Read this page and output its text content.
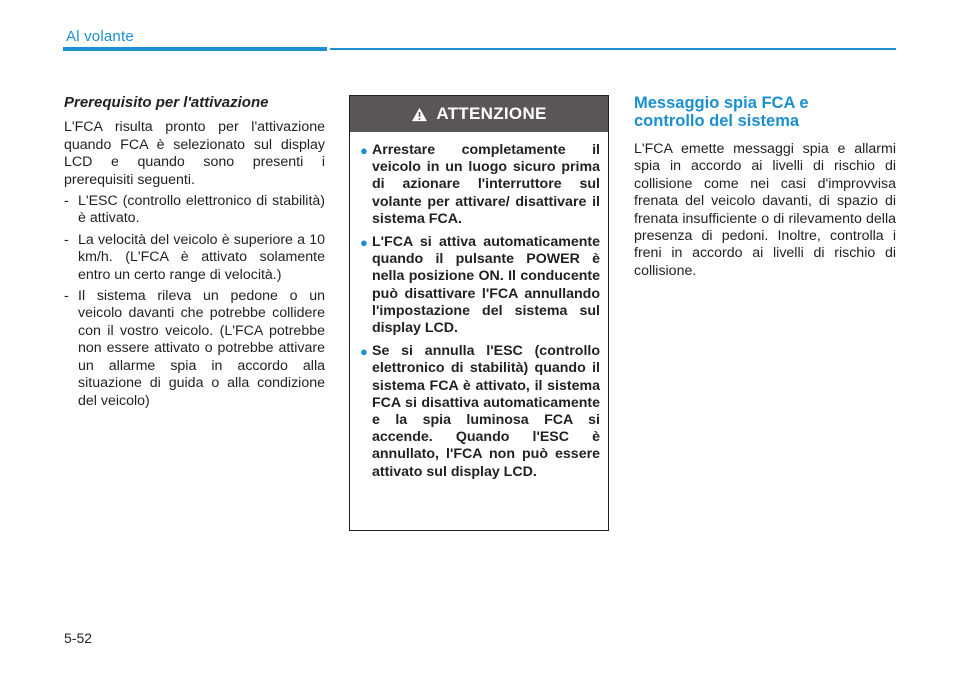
Al volante
Prerequisito per l'attivazione

L'FCA risulta pronto per l'attivazione quando FCA è selezionato sul display LCD e quando sono presenti i prerequisiti seguenti.

- L'ESC (controllo elettronico di stabilità) è attivato.
- La velocità del veicolo è superiore a 10 km/h. (L'FCA è attivato solamente entro un certo range di velocità.)
- Il sistema rileva un pedone o un veicolo davanti che potrebbe collidere con il vostro veicolo. (L'FCA potrebbe non essere attivato o potrebbe attivare un allarme spia in accordo alla situazione di guida o alla condizione del veicolo)
ATTENZIONE
● Arrestare completamente il veicolo in un luogo sicuro prima di azionare l'interruttore sul volante per attivare/ disattivare il sistema FCA.
● L'FCA si attiva automaticamente quando il pulsante POWER è nella posizione ON. Il conducente può disattivare l'FCA annullando l'impostazione del sistema sul display LCD.
● Se si annulla l'ESC (controllo elettronico di stabilità) quando il sistema FCA è attivato, il sistema FCA si disattiva automaticamente e la spia luminosa FCA si accende. Quando l'ESC è annullato, l'FCA non può essere attivato sul display LCD.
Messaggio spia FCA e
controllo del sistema

L'FCA emette messaggi spia e allarmi spia in accordo ai livelli di rischio di collisione come nei casi d'improvvisa frenata del veicolo davanti, di spazio di frenata insufficiente o di rilevamento della presenza di pedoni. Inoltre, controlla i freni in accordo ai livelli di rischio di collisione.

5-52
